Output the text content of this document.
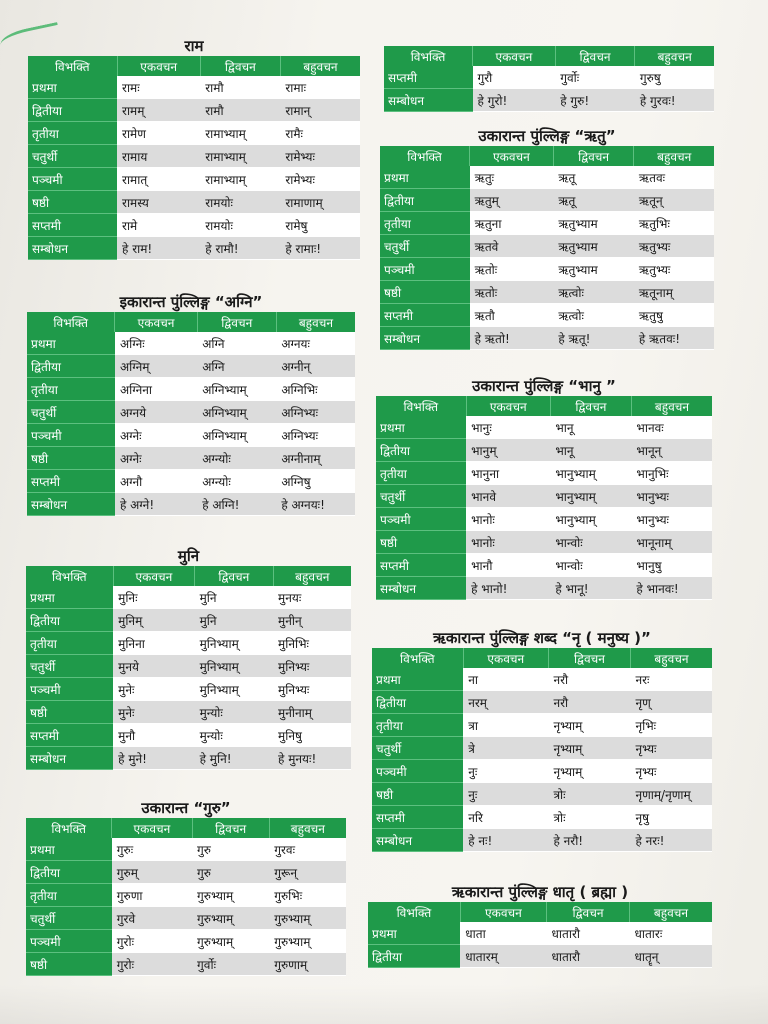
राम
विभक्ति	एकवचन	द्विवचन	बहुवचन
प्रथमा	रामः	रामौ	रामाः
द्वितीया	रामम्	रामौ	रामान्
तृतीया	रामेण	रामाभ्याम्	रामैः
चतुर्थी	रामाय	रामाभ्याम्	रामेभ्यः
पञ्चमी	रामात्	रामाभ्याम्	रामेभ्यः
षष्ठी	रामस्य	रामयोः	रामाणाम्
सप्तमी	रामे	रामयोः	रामेषु
सम्बोधन	हे राम!	हे रामौ!	हे रामाः!
इकारान्त पुंल्लिङ्ग “अग्नि”
विभक्ति	एकवचन	द्विवचन	बहुवचन
प्रथमा	अग्निः	अग्नि	अग्नयः
द्वितीया	अग्निम्	अग्नि	अग्नीन्
तृतीया	अग्निना	अग्निभ्याम्	अग्निभिः
चतुर्थी	अग्नये	अग्निभ्याम्	अग्निभ्यः
पञ्चमी	अग्नेः	अग्निभ्याम्	अग्निभ्यः
षष्ठी	अग्नेः	अग्न्योः	अग्नीनाम्
सप्तमी	अग्नौ	अग्न्योः	अग्निषु
सम्बोधन	हे अग्ने!	हे अग्नि!	हे अग्नयः!
मुनि
विभक्ति	एकवचन	द्विवचन	बहुवचन
प्रथमा	मुनिः	मुनि	मुनयः
द्वितीया	मुनिम्	मुनि	मुनीन्
तृतीया	मुनिना	मुनिभ्याम्	मुनिभिः
चतुर्थी	मुनये	मुनिभ्याम्	मुनिभ्यः
पञ्चमी	मुनेः	मुनिभ्याम्	मुनिभ्यः
षष्ठी	मुनेः	मुन्योः	मुनीनाम्
सप्तमी	मुनौ	मुन्योः	मुनिषु
सम्बोधन	हे मुने!	हे मुनि!	हे मुनयः!
उकारान्त “गुरु”
विभक्ति	एकवचन	द्विवचन	बहुवचन
प्रथमा	गुरुः	गुरु	गुरवः
द्वितीया	गुरुम्	गुरु	गुरून्
तृतीया	गुरुणा	गुरुभ्याम्	गुरुभिः
चतुर्थी	गुरवे	गुरुभ्याम्	गुरुभ्याम्
पञ्चमी	गुरोः	गुरुभ्याम्	गुरुभ्याम्
षष्ठी	गुरोः	गुर्वोः	गुरुणाम्
विभक्ति	एकवचन	द्विवचन	बहुवचन
सप्तमी	गुरौ	गुर्वोः	गुरुषु
सम्बोधन	हे गुरो!	हे गुरु!	हे गुरवः!
उकारान्त पुंल्लिङ्ग “ऋतु”
विभक्ति	एकवचन	द्विवचन	बहुवचन
प्रथमा	ऋतुः	ऋतू	ऋतवः
द्वितीया	ऋतुम्	ऋतू	ऋतून्
तृतीया	ऋतुना	ऋतुभ्याम	ऋतुभिः
चतुर्थी	ऋतवे	ऋतुभ्याम	ऋतुभ्यः
पञ्चमी	ऋतोः	ऋतुभ्याम	ऋतुभ्यः
षष्ठी	ऋतोः	ऋत्वोः	ऋतूनाम्
सप्तमी	ऋतौ	ऋत्वोः	ऋतुषु
सम्बोधन	हे ऋतो!	हे ऋतू!	हे ऋतवः!
उकारान्त पुंल्लिङ्ग “भानु ”
विभक्ति	एकवचन	द्विवचन	बहुवचन
प्रथमा	भानुः	भानू	भानवः
द्वितीया	भानुम्	भानू	भानून्
तृतीया	भानुना	भानुभ्याम्	भानुभिः
चतुर्थी	भानवे	भानुभ्याम्	भानुभ्यः
पञ्चमी	भानोः	भानुभ्याम्	भानुभ्यः
षष्ठी	भानोः	भान्वोः	भानूनाम्
सप्तमी	भानौ	भान्वोः	भानुषु
सम्बोधन	हे भानो!	हे भानू!	हे भानवः!
ऋकारान्त पुंल्लिङ्ग शब्द “नृ ( मनुष्य )”
विभक्ति	एकवचन	द्विवचन	बहुवचन
प्रथमा	ना	नरौ	नरः
द्वितीया	नरम्	नरौ	नृण्
तृतीया	त्रा	नृभ्याम्	नृभिः
चतुर्थी	त्रे	नृभ्याम्	नृभ्यः
पञ्चमी	नुः	नृभ्याम्	नृभ्यः
षष्ठी	नुः	त्रोः	नृणाम्/नृणाम्
सप्तमी	नरि	त्रोः	नृषु
सम्बोधन	हे नः!	हे नरौ!	हे नरः!
ऋकारान्त पुंल्लिङ्ग धातृ ( ब्रह्मा )
विभक्ति	एकवचन	द्विवचन	बहुवचन
प्रथमा	धाता	धातारौ	धातारः
द्वितीया	धातारम्	धातारौ	धातॄन्
